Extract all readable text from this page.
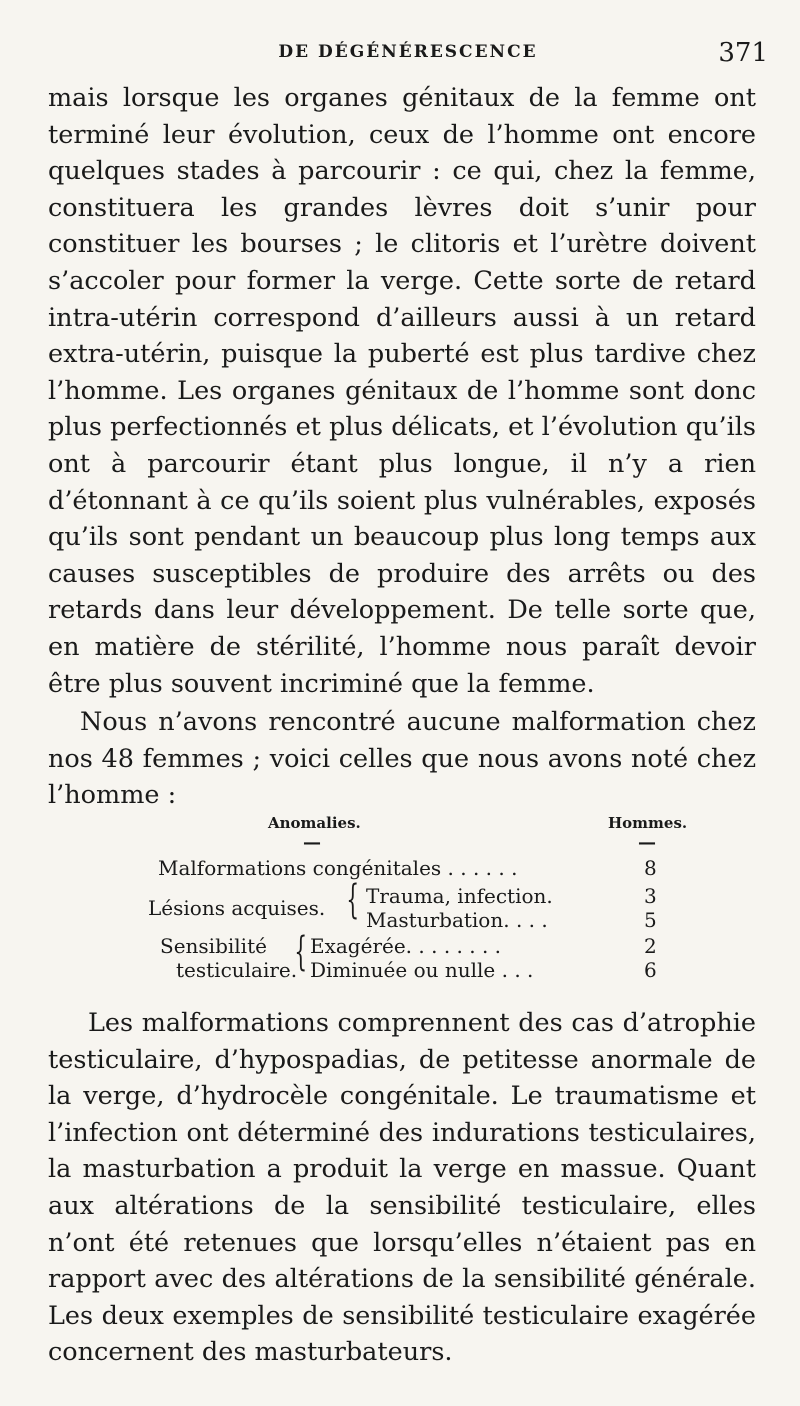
DE DÉGÉNÉRESCENCE	371
mais lorsque les organes génitaux de la femme ont terminé leur évolution, ceux de l’homme ont encore quelques stades à parcourir : ce qui, chez la femme, constituera les grandes lèvres doit s’unir pour constituer les bourses ; le clitoris et l’urètre doivent s’accoler pour former la verge. Cette sorte de retard intra-utérin correspond d’ailleurs aussi à un retard extra-utérin, puisque la puberté est plus tardive chez l’homme. Les organes génitaux de l’homme sont donc plus perfectionnés et plus délicats, et l’évolution qu’ils ont à parcourir étant plus longue, il n’y a rien d’étonnant à ce qu’ils soient plus vulnérables, exposés qu’ils sont pendant un beaucoup plus long temps aux causes susceptibles de produire des arrêts ou des retards dans leur développement. De telle sorte que, en matière de stérilité, l’homme nous paraît devoir être plus souvent incriminé que la femme.
Nous n’avons rencontré aucune malformation chez nos 48 femmes ; voici celles que nous avons noté chez l’homme :
Anomalies.	Hommes.
—	—
Malformations congénitales . . . . . .	8
Lésions acquises. { Trauma, infection.	3
Masturbation. . . .	5
Sensibilité
testiculaire.
{ Exagérée. . . . . . . .	2
Diminuée ou nulle . . .	6
Les malformations comprennent des cas d’atrophie testiculaire, d’hypospadias, de petitesse anormale de la verge, d’hydrocèle congénitale. Le traumatisme et l’infection ont déterminé des indurations testiculaires, la masturbation a produit la verge en massue. Quant aux altérations de la sensibilité testiculaire, elles n’ont été retenues que lorsqu’elles n’étaient pas en rapport avec des altérations de la sensibilité générale. Les deux exemples de sensibilité testiculaire exagérée concernent des masturbateurs.
